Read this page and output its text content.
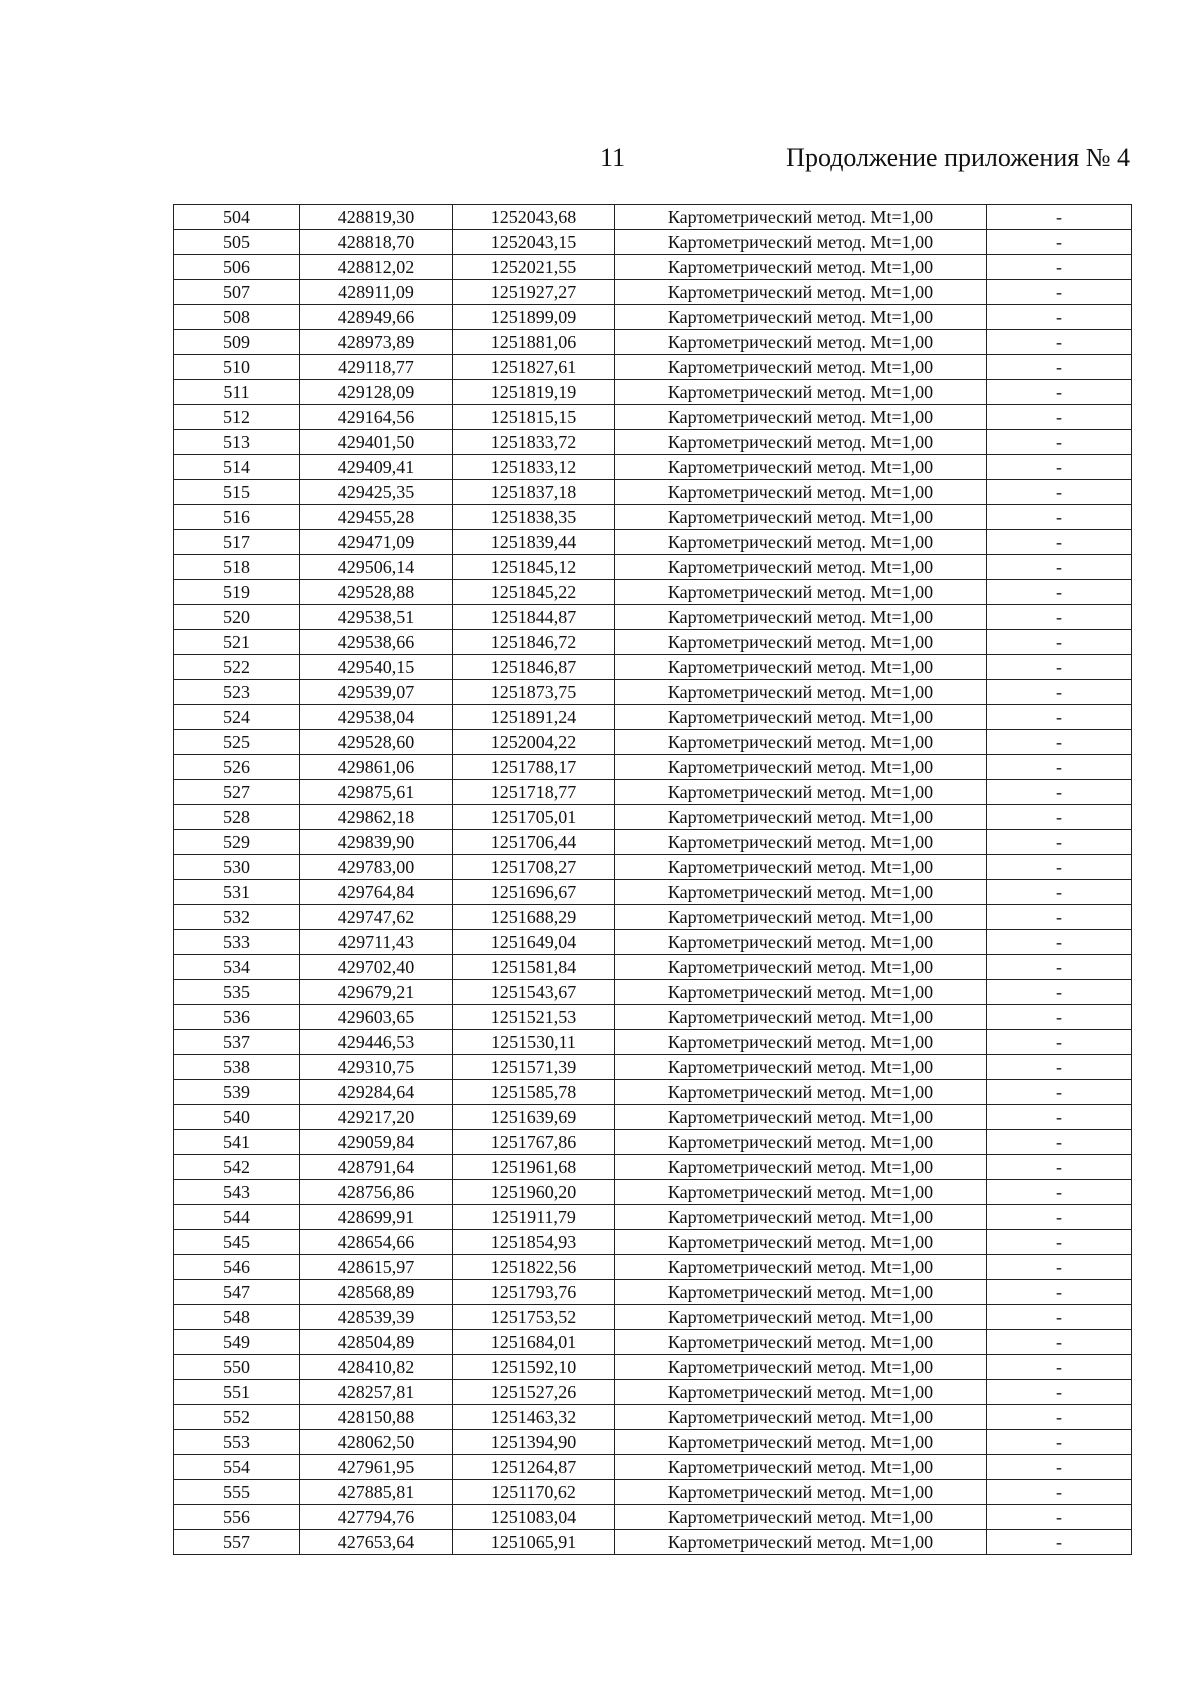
11	Продолжение приложения № 4
504	428819,30	1252043,68	Картометрический метод. Mt=1,00	-
505	428818,70	1252043,15	Картометрический метод. Mt=1,00	-
506	428812,02	1252021,55	Картометрический метод. Mt=1,00	-
507	428911,09	1251927,27	Картометрический метод. Mt=1,00	-
508	428949,66	1251899,09	Картометрический метод. Mt=1,00	-
509	428973,89	1251881,06	Картометрический метод. Mt=1,00	-
510	429118,77	1251827,61	Картометрический метод. Mt=1,00	-
511	429128,09	1251819,19	Картометрический метод. Mt=1,00	-
512	429164,56	1251815,15	Картометрический метод. Mt=1,00	-
513	429401,50	1251833,72	Картометрический метод. Mt=1,00	-
514	429409,41	1251833,12	Картометрический метод. Mt=1,00	-
515	429425,35	1251837,18	Картометрический метод. Mt=1,00	-
516	429455,28	1251838,35	Картометрический метод. Mt=1,00	-
517	429471,09	1251839,44	Картометрический метод. Mt=1,00	-
518	429506,14	1251845,12	Картометрический метод. Mt=1,00	-
519	429528,88	1251845,22	Картометрический метод. Mt=1,00	-
520	429538,51	1251844,87	Картометрический метод. Mt=1,00	-
521	429538,66	1251846,72	Картометрический метод. Mt=1,00	-
522	429540,15	1251846,87	Картометрический метод. Mt=1,00	-
523	429539,07	1251873,75	Картометрический метод. Mt=1,00	-
524	429538,04	1251891,24	Картометрический метод. Mt=1,00	-
525	429528,60	1252004,22	Картометрический метод. Mt=1,00	-
526	429861,06	1251788,17	Картометрический метод. Mt=1,00	-
527	429875,61	1251718,77	Картометрический метод. Mt=1,00	-
528	429862,18	1251705,01	Картометрический метод. Mt=1,00	-
529	429839,90	1251706,44	Картометрический метод. Mt=1,00	-
530	429783,00	1251708,27	Картометрический метод. Mt=1,00	-
531	429764,84	1251696,67	Картометрический метод. Mt=1,00	-
532	429747,62	1251688,29	Картометрический метод. Mt=1,00	-
533	429711,43	1251649,04	Картометрический метод. Mt=1,00	-
534	429702,40	1251581,84	Картометрический метод. Mt=1,00	-
535	429679,21	1251543,67	Картометрический метод. Mt=1,00	-
536	429603,65	1251521,53	Картометрический метод. Mt=1,00	-
537	429446,53	1251530,11	Картометрический метод. Mt=1,00	-
538	429310,75	1251571,39	Картометрический метод. Mt=1,00	-
539	429284,64	1251585,78	Картометрический метод. Mt=1,00	-
540	429217,20	1251639,69	Картометрический метод. Mt=1,00	-
541	429059,84	1251767,86	Картометрический метод. Mt=1,00	-
542	428791,64	1251961,68	Картометрический метод. Mt=1,00	-
543	428756,86	1251960,20	Картометрический метод. Mt=1,00	-
544	428699,91	1251911,79	Картометрический метод. Mt=1,00	-
545	428654,66	1251854,93	Картометрический метод. Mt=1,00	-
546	428615,97	1251822,56	Картометрический метод. Mt=1,00	-
547	428568,89	1251793,76	Картометрический метод. Mt=1,00	-
548	428539,39	1251753,52	Картометрический метод. Mt=1,00	-
549	428504,89	1251684,01	Картометрический метод. Mt=1,00	-
550	428410,82	1251592,10	Картометрический метод. Mt=1,00	-
551	428257,81	1251527,26	Картометрический метод. Mt=1,00	-
552	428150,88	1251463,32	Картометрический метод. Mt=1,00	-
553	428062,50	1251394,90	Картометрический метод. Mt=1,00	-
554	427961,95	1251264,87	Картометрический метод. Mt=1,00	-
555	427885,81	1251170,62	Картометрический метод. Mt=1,00	-
556	427794,76	1251083,04	Картометрический метод. Mt=1,00	-
557	427653,64	1251065,91	Картометрический метод. Mt=1,00	-
